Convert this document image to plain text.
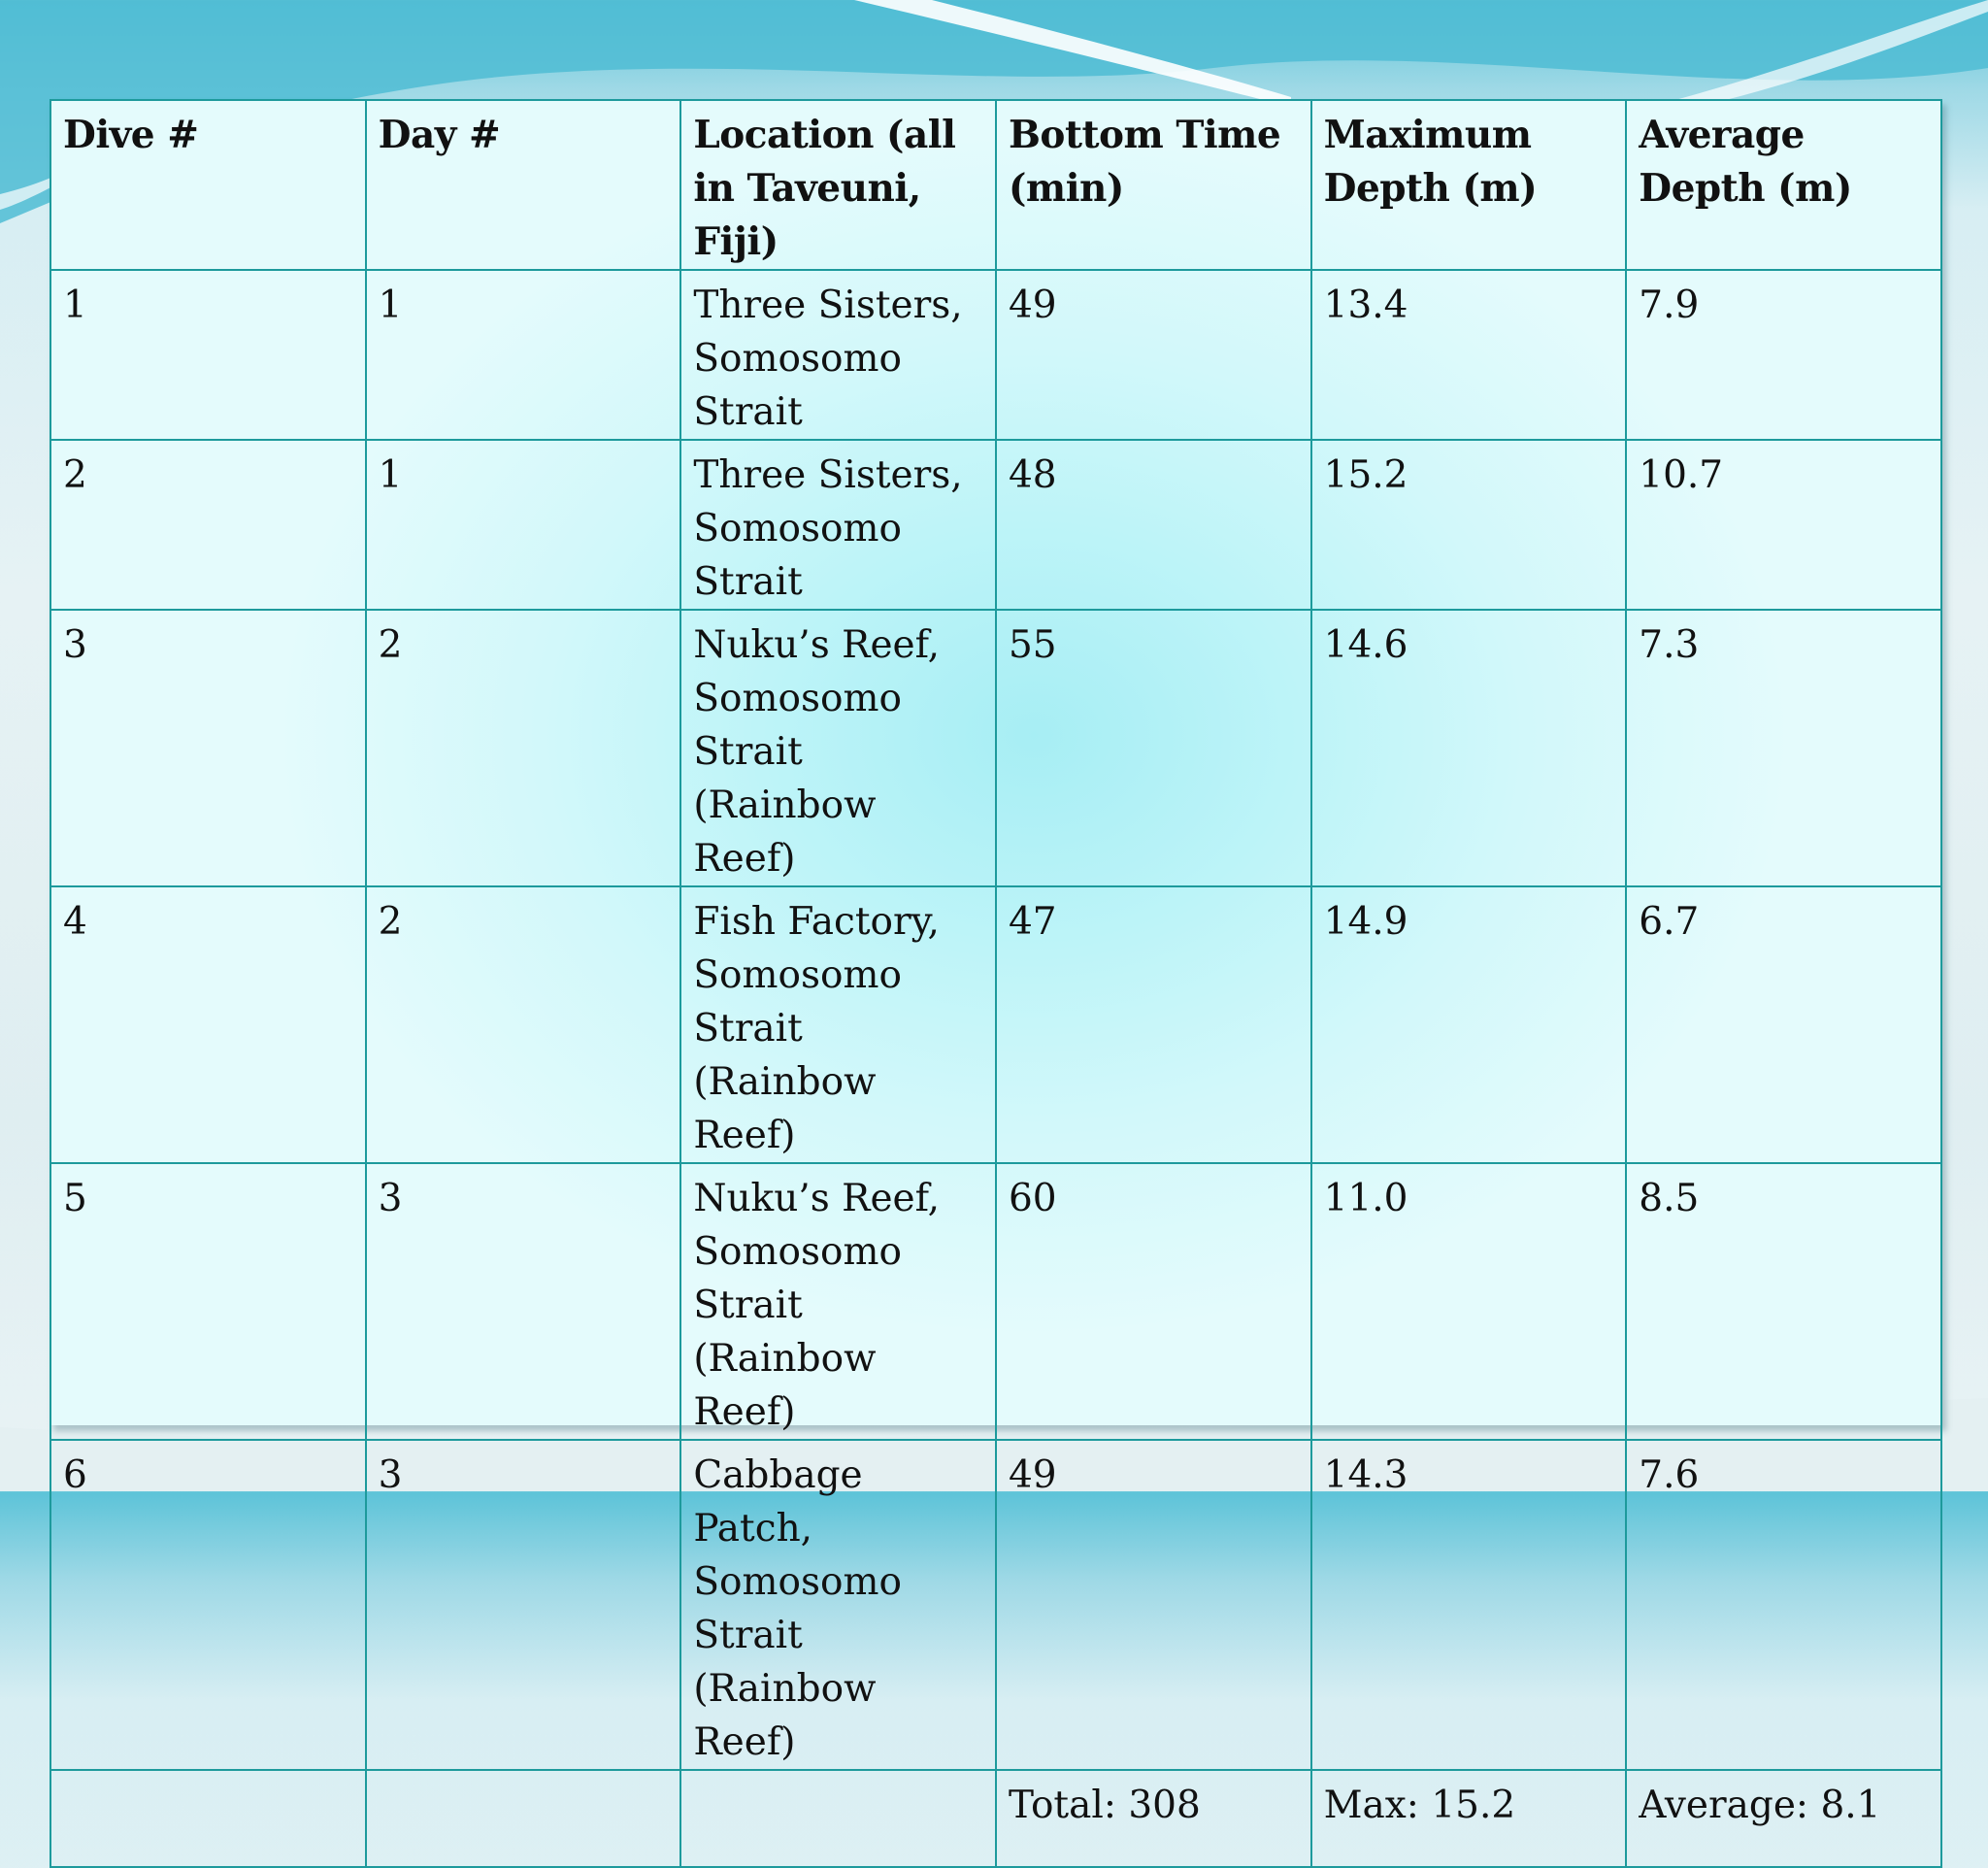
Dive #	Day #	Location (all in Taveuni, Fiji)	Bottom Time (min)	Maximum Depth (m)	Average Depth (m)
1	1	Three Sisters, Somosomo Strait	49	13.4	7.9
2	1	Three Sisters, Somosomo Strait	48	15.2	10.7
3	2	Nuku’s Reef, Somosomo Strait (Rainbow Reef)	55	14.6	7.3
4	2	Fish Factory, Somosomo Strait (Rainbow Reef)	47	14.9	6.7
5	3	Nuku’s Reef, Somosomo Strait (Rainbow Reef)	60	11.0	8.5
6	3	Cabbage Patch, Somosomo Strait (Rainbow Reef)	49	14.3	7.6
			Total: 308	Max: 15.2	Average: 8.1
